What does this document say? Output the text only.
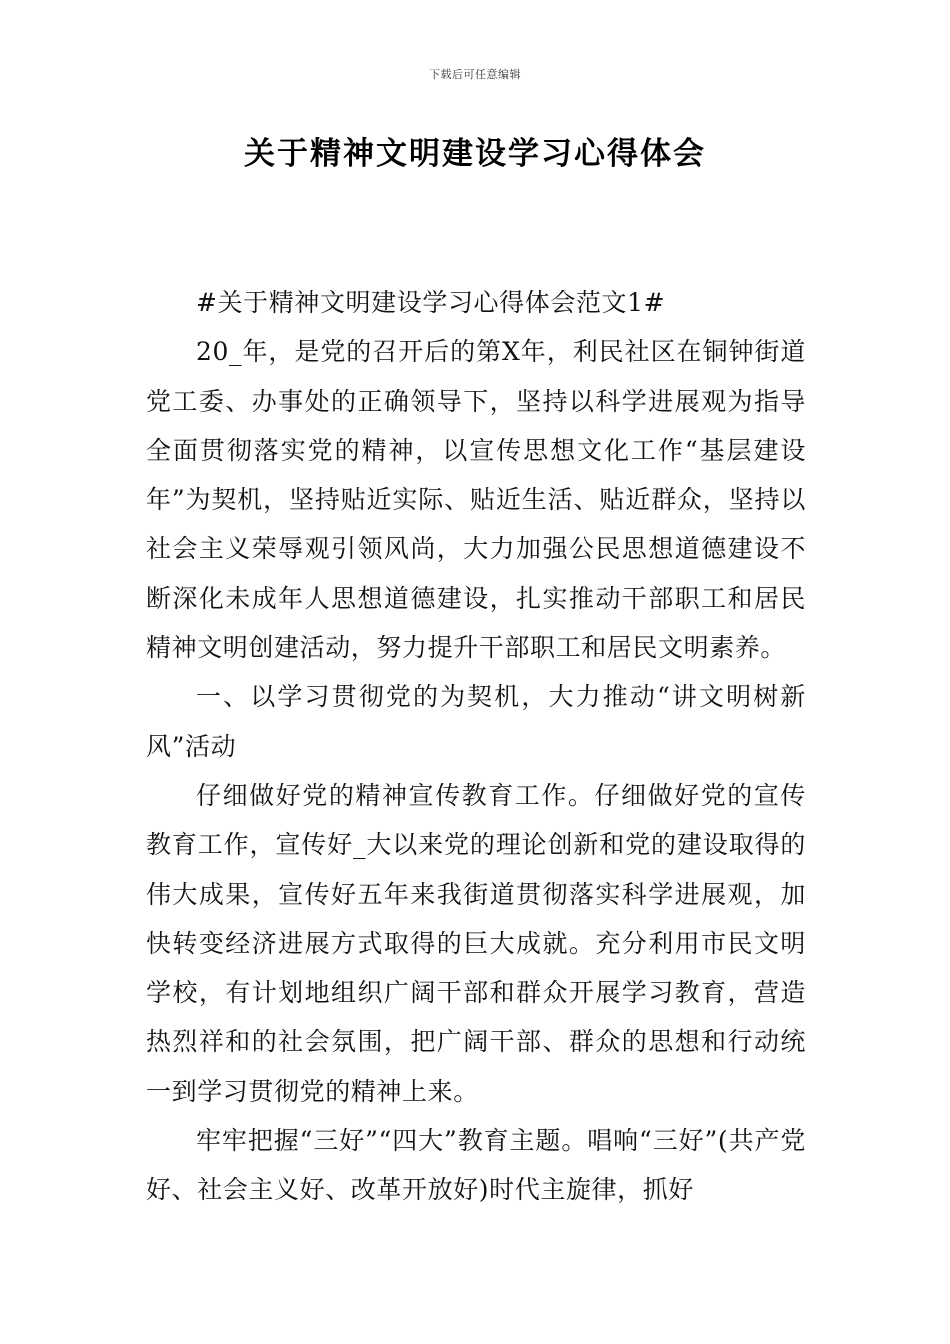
下载后可任意编辑
关于精神文明建设学习心得体会

#关于精神文明建设学习心得体会范文1#

20_年，是党的召开后的第X年，利民社区在铜钟街道党工委、办事处的正确领导下，坚持以科学进展观为指导全面贯彻落实党的精神，以宣传思想文化工作“基层建设年”为契机，坚持贴近实际、贴近生活、贴近群众，坚持以社会主义荣辱观引领风尚，大力加强公民思想道德建设不断深化未成年人思想道德建设，扎实推动干部职工和居民精神文明创建活动，努力提升干部职工和居民文明素养。

一、以学习贯彻党的为契机，大力推动“讲文明树新风”活动

仔细做好党的精神宣传教育工作。仔细做好党的宣传教育工作，宣传好_大以来党的理论创新和党的建设取得的伟大成果，宣传好五年来我街道贯彻落实科学进展观，加快转变经济进展方式取得的巨大成就。充分利用市民文明学校，有计划地组织广阔干部和群众开展学习教育，营造热烈祥和的社会氛围，把广阔干部、群众的思想和行动统一到学习贯彻党的精神上来。

牢牢把握“三好”“四大”教育主题。唱响“三好”(共产党好、社会主义好、改革开放好)时代主旋律，抓好
